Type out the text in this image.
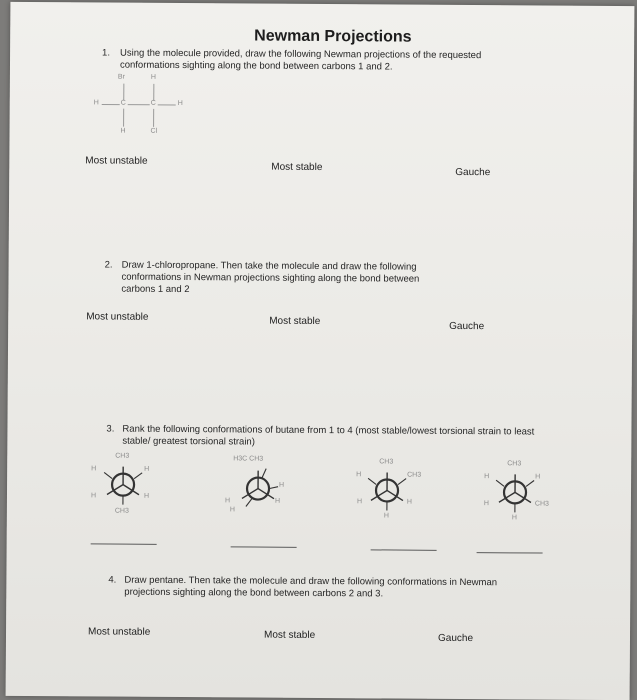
Newman Projections
1. Using the molecule provided, draw the following Newman projections of the requested conformations sighting along the bond between carbons 1 and 2.
Br	H
H	C	C	H
H	Cl
Most unstable
Most stable	Gauche
2. Draw 1-chloropropane. Then take the molecule and draw the following conformations in Newman projections sighting along the bond between carbons 1 and 2
Most unstable	Most stable	Gauche
3. Rank the following conformations of butane from 1 to 4 (most stable/lowest torsional strain to least stable/ greatest torsional strain)
CH3
H	H
H	H
CH3
H3C CH3
H
H	H
H
CH3
H	CH3
H	H
H
CH3
H	H
H	CH3
H
4. Draw pentane. Then take the molecule and draw the following conformations in Newman projections sighting along the bond between carbons 2 and 3.
Most unstable	Most stable	Gauche
